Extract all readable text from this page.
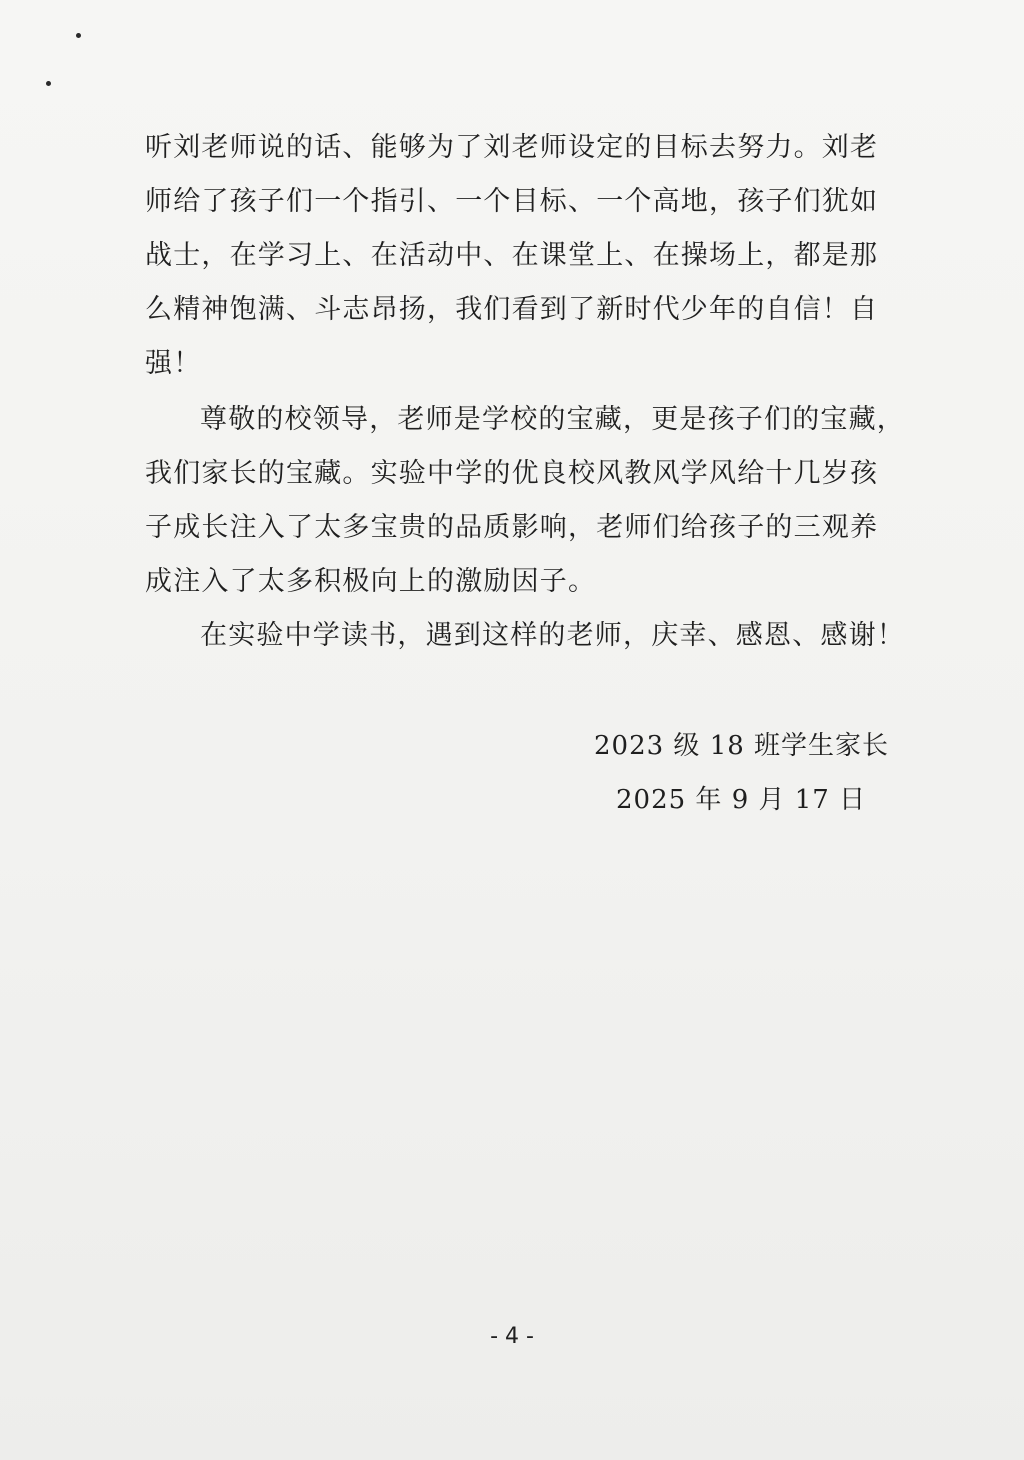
听刘老师说的话、能够为了刘老师设定的目标去努力。刘老
师给了孩子们一个指引、一个目标、一个高地，孩子们犹如
战士，在学习上、在活动中、在课堂上、在操场上，都是那
么精神饱满、斗志昂扬，我们看到了新时代少年的自信！自
强！
尊敬的校领导，老师是学校的宝藏，更是孩子们的宝藏，
我们家长的宝藏。实验中学的优良校风教风学风给十几岁孩
子成长注入了太多宝贵的品质影响，老师们给孩子的三观养
成注入了太多积极向上的激励因子。
在实验中学读书，遇到这样的老师，庆幸、感恩、感谢！
2023 级 18 班学生家长
2025 年 9 月 17 日
- 4 -
